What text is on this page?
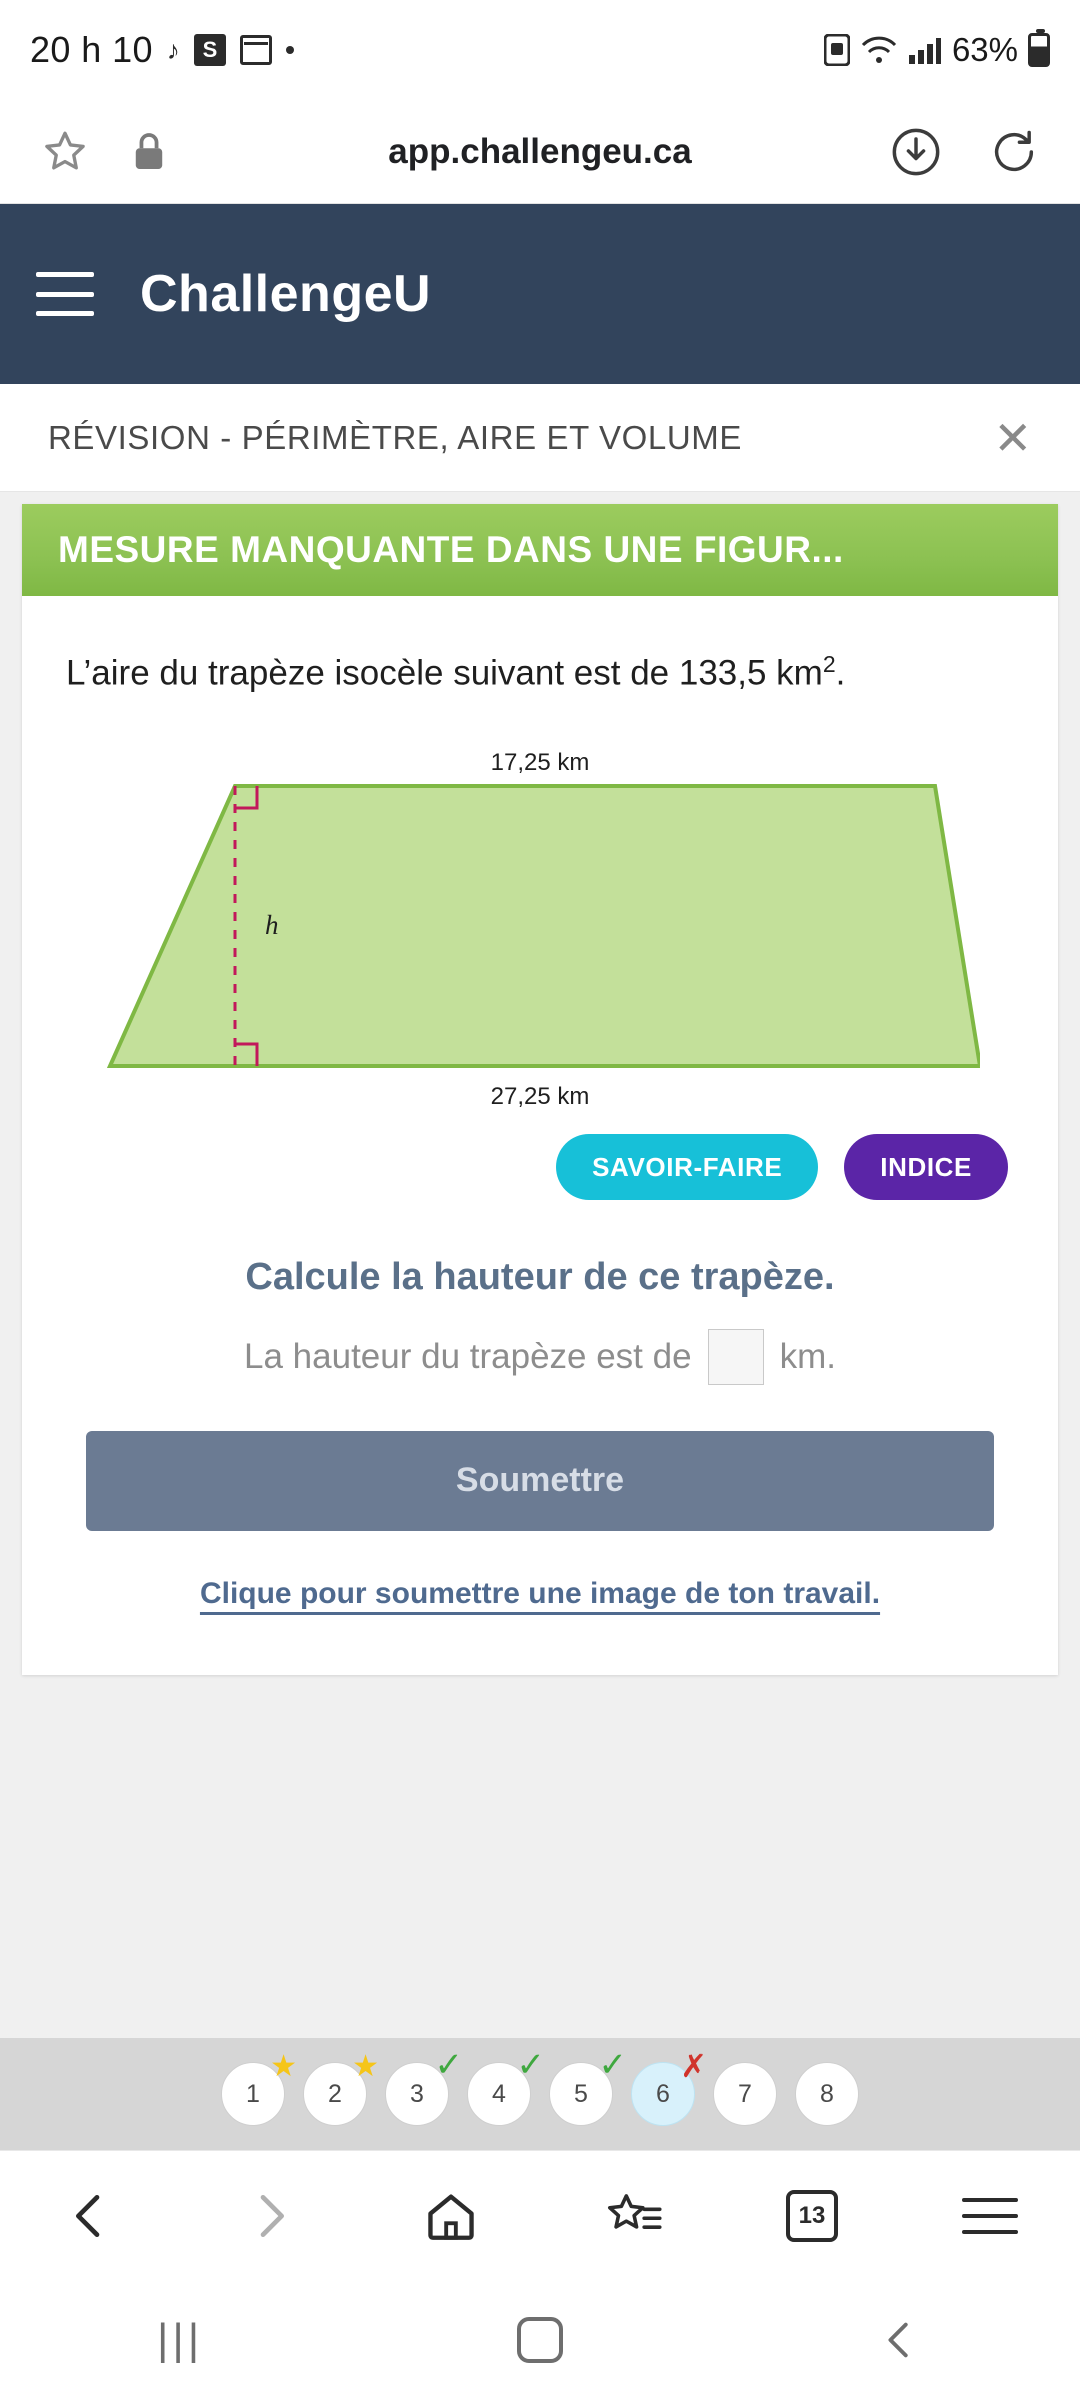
20 h 10 ♪	S	63%
app.challengeu.ca
ChallengeU
RÉVISION - PÉRIMÈTRE, AIRE ET VOLUME	✕
MESURE MANQUANTE DANS UNE FIGUR...
L’aire du trapèze isocèle suivant est de 133,5 $km^2$.
17,25 km
h
27,25 km
SAVOIR-FAIRE	INDICE
Calcule la hauteur de ce trapèze.
La hauteur du trapèze est de	km.
Soumettre
Clique pour soumettre une image de ton travail.
1
★
2
★
3
✓
4
✓
5
✓
6
✗
7	8
13
|||
